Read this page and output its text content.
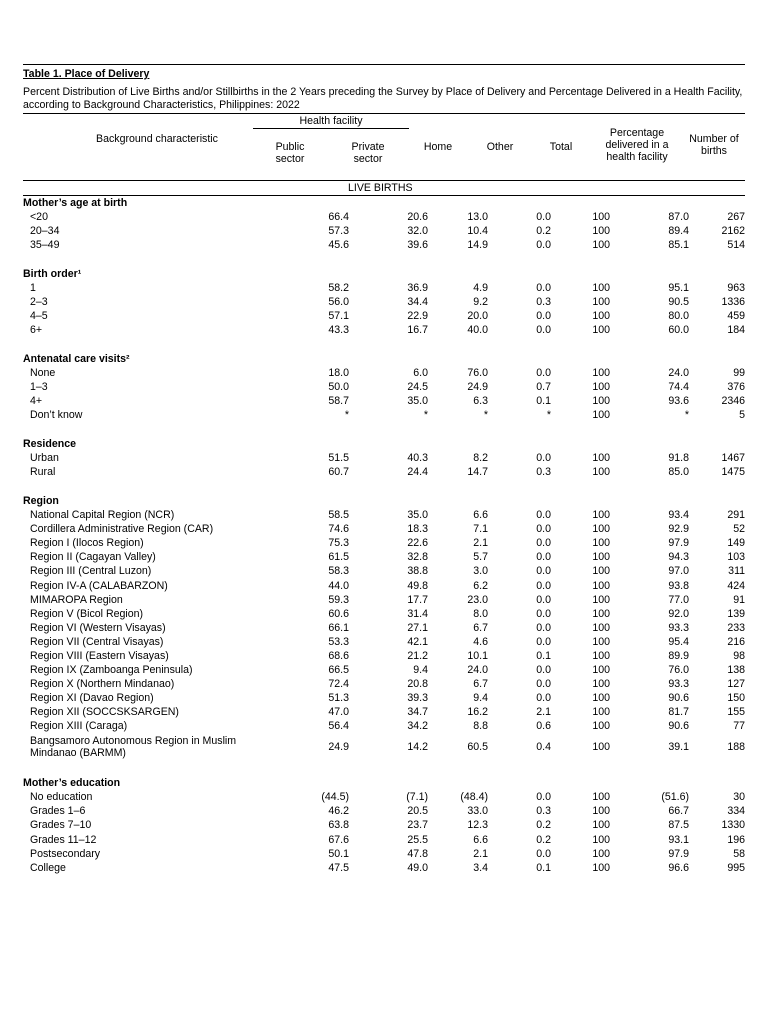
Table 1. Place of Delivery
Percent Distribution of Live Births and/or Stillbirths in the 2 Years preceding the Survey by Place of Delivery and Percentage Delivered in a Health Facility, according to Background Characteristics, Philippines: 2022
Background characteristic
Health facility
Public sector
Private sector
Home	Other	Total
Percentage delivered in a health facility
Number of births
LIVE BIRTHS
Mother’s age at birth							
<20	66.4	20.6	13.0	0.0	100	87.0	267
20–34	57.3	32.0	10.4	0.2	100	89.4	2162
35–49	45.6	39.6	14.9	0.0	100	85.1	514

Birth order¹							
1	58.2	36.9	4.9	0.0	100	95.1	963
2–3	56.0	34.4	9.2	0.3	100	90.5	1336
4–5	57.1	22.9	20.0	0.0	100	80.0	459
6+	43.3	16.7	40.0	0.0	100	60.0	184

Antenatal care visits²							
None	18.0	6.0	76.0	0.0	100	24.0	99
1–3	50.0	24.5	24.9	0.7	100	74.4	376
4+	58.7	35.0	6.3	0.1	100	93.6	2346
Don’t know	*	*	*	*	100	*	5

Residence							
Urban	51.5	40.3	8.2	0.0	100	91.8	1467
Rural	60.7	24.4	14.7	0.3	100	85.0	1475

Region							
National Capital Region (NCR)	58.5	35.0	6.6	0.0	100	93.4	291
Cordillera Administrative Region (CAR)	74.6	18.3	7.1	0.0	100	92.9	52
Region I (Ilocos Region)	75.3	22.6	2.1	0.0	100	97.9	149
Region II (Cagayan Valley)	61.5	32.8	5.7	0.0	100	94.3	103
Region III (Central Luzon)	58.3	38.8	3.0	0.0	100	97.0	311
Region IV-A (CALABARZON)	44.0	49.8	6.2	0.0	100	93.8	424
MIMAROPA Region	59.3	17.7	23.0	0.0	100	77.0	91
Region V (Bicol Region)	60.6	31.4	8.0	0.0	100	92.0	139
Region VI (Western Visayas)	66.1	27.1	6.7	0.0	100	93.3	233
Region VII (Central Visayas)	53.3	42.1	4.6	0.0	100	95.4	216
Region VIII (Eastern Visayas)	68.6	21.2	10.1	0.1	100	89.9	98
Region IX (Zamboanga Peninsula)	66.5	9.4	24.0	0.0	100	76.0	138
Region X (Northern Mindanao)	72.4	20.8	6.7	0.0	100	93.3	127
Region XI (Davao Region)	51.3	39.3	9.4	0.0	100	90.6	150
Region XII (SOCCSKSARGEN)	47.0	34.7	16.2	2.1	100	81.7	155
Region XIII (Caraga)	56.4	34.2	8.8	0.6	100	90.6	77
Bangsamoro Autonomous Region in Muslim Mindanao (BARMM)	24.9	14.2	60.5	0.4	100	39.1	188

Mother’s education							
No education	(44.5)	(7.1)	(48.4)	0.0	100	(51.6)	30
Grades 1–6	46.2	20.5	33.0	0.3	100	66.7	334
Grades 7–10	63.8	23.7	12.3	0.2	100	87.5	1330
Grades 11–12	67.6	25.5	6.6	0.2	100	93.1	196
Postsecondary	50.1	47.8	2.1	0.0	100	97.9	58
College	47.5	49.0	3.4	0.1	100	96.6	995
